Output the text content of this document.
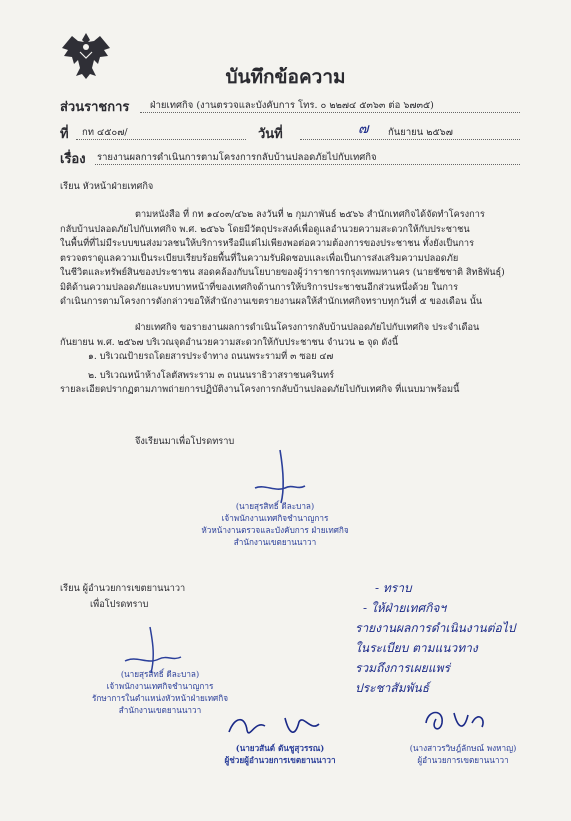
บันทึกข้อความ
ส่วนราชการ ฝ่ายเทศกิจ (งานตรวจและบังคับการ โทร. ๐ ๒๒๗๔ ๕๓๖๓ ต่อ ๖๗๓๕)
ที่ กท ๔๕๐๗/	วันที่	๗ กันยายน ๒๕๖๗
เรื่อง รายงานผลการดำเนินการตามโครงการกลับบ้านปลอดภัยไปกับเทศกิจ
เรียน หัวหน้าฝ่ายเทศกิจ
ตามหนังสือ ที่ กท ๑๔๐๓/๔๖๒ ลงวันที่ ๒ กุมภาพันธ์ ๒๕๖๖ สำนักเทศกิจได้จัดทำโครงการ
กลับบ้านปลอดภัยไปกับเทศกิจ พ.ศ. ๒๕๖๖ โดยมีวัตถุประสงค์เพื่อดูแลอำนวยความสะดวกให้กับประชาชน
ในพื้นที่ที่ไม่มีระบบขนส่งมวลชนให้บริการหรือมีแต่ไม่เพียงพอต่อความต้องการของประชาชน ทั้งยังเป็นการ
ตรวจตราดูแลความเป็นระเบียบเรียบร้อยพื้นที่ในความรับผิดชอบและเพื่อเป็นการส่งเสริมความปลอดภัย
ในชีวิตและทรัพย์สินของประชาชน สอดคล้องกับนโยบายของผู้ว่าราชการกรุงเทพมหานคร (นายชัชชาติ สิทธิพันธุ์)
มิติด้านความปลอดภัยและบทบาทหน้าที่ของเทศกิจด้านการให้บริการประชาชนอีกส่วนหนึ่งด้วย ในการ
ดำเนินการตามโครงการดังกล่าวขอให้สำนักงานเขตรายงานผลให้สำนักเทศกิจทราบทุกวันที่ ๕ ของเดือน นั้น
ฝ่ายเทศกิจ ขอรายงานผลการดำเนินโครงการกลับบ้านปลอดภัยไปกับเทศกิจ ประจำเดือน
กันยายน พ.ศ. ๒๕๖๗ บริเวณจุดอำนวยความสะดวกให้กับประชาชน จำนวน ๒ จุด ดังนี้
๑. บริเวณป้ายรถโดยสารประจำทาง ถนนพระรามที่ ๓ ซอย ๔๗
๒. บริเวณหน้าห้างโลตัสพระราม ๓ ถนนนราธิวาสราชนครินทร์
รายละเอียดปรากฏตามภาพถ่ายการปฏิบัติงานโครงการกลับบ้านปลอดภัยไปกับเทศกิจ ที่แนบมาพร้อมนี้
จึงเรียนมาเพื่อโปรดทราบ
(นายสุรสิทธิ์ ดีละบาล)
เจ้าพนักงานเทศกิจชำนาญการ
หัวหน้างานตรวจและบังคับการ ฝ่ายเทศกิจ
สำนักงานเขตยานนาวา
เรียน ผู้อำนวยการเขตยานนาวา
เพื่อโปรดทราบ
(นายสุรสิทธิ์ ดีละบาล)
เจ้าพนักงานเทศกิจชำนาญการ
รักษาการในตำแหน่งหัวหน้าฝ่ายเทศกิจ
สำนักงานเขตยานนาวา
(นายวสันต์ ตันชูสุวรรณ)
ผู้ช่วยผู้อำนวยการเขตยานนาวา
- ทราบ
- ให้ฝ่ายเทศกิจฯ
รายงานผลการดำเนินงานต่อไป
ในระเบียบ ตามแนวทาง
รวมถึงการเผยแพร่
ประชาสัมพันธ์
(นางสาวรวิษฎ์ลักษณ์ พงหาญ)
ผู้อำนวยการเขตยานนาวา
